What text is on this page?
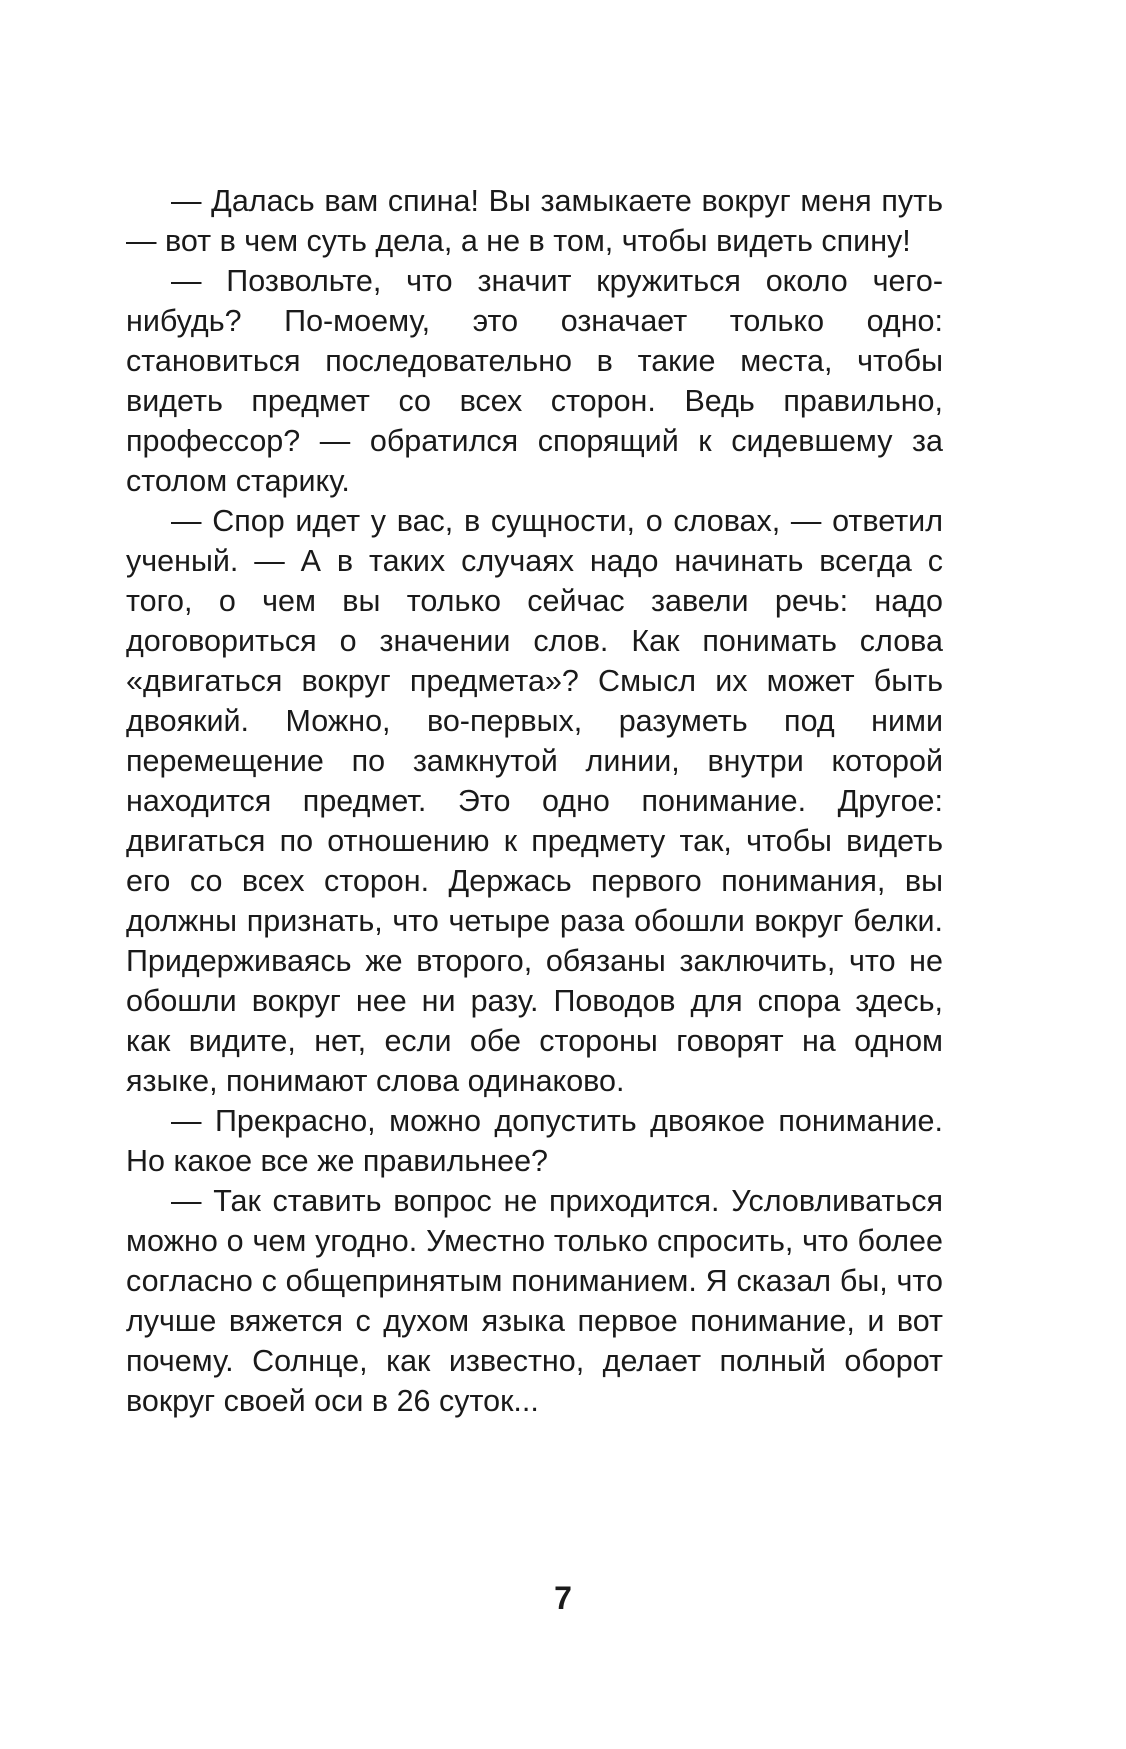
— Далась вам спина! Вы замыкаете вокруг меня путь — вот в чем суть дела, а не в том, чтобы видеть спину!

— Позвольте, что значит кружиться около чего-нибудь? По-моему, это означает только одно: становиться последовательно в такие места, чтобы видеть предмет со всех сторон. Ведь правильно, профессор? — обратился спорящий к сидевшему за столом старику.

— Спор идет у вас, в сущности, о словах, — ответил ученый. — А в таких случаях надо начинать всегда с того, о чем вы только сейчас завели речь: надо договориться о значении слов. Как понимать слова «двигаться вокруг предмета»? Смысл их может быть двоякий. Можно, во-первых, разуметь под ними перемещение по замкнутой линии, внутри которой находится предмет. Это одно понимание. Другое: двигаться по отношению к предмету так, чтобы видеть его со всех сторон. Держась первого понимания, вы должны признать, что четыре раза обошли вокруг белки. Придерживаясь же второго, обязаны заключить, что не обошли вокруг нее ни разу. Поводов для спора здесь, как видите, нет, если обе стороны говорят на одном языке, понимают слова одинаково.

— Прекрасно, можно допустить двоякое понимание. Но какое все же правильнее?

— Так ставить вопрос не приходится. Условливаться можно о чем угодно. Уместно только спросить, что более согласно с общепринятым пониманием. Я сказал бы, что лучше вяжется с духом языка первое понимание, и вот почему. Солнце, как известно, делает полный оборот вокруг своей оси в 26 суток...

7
